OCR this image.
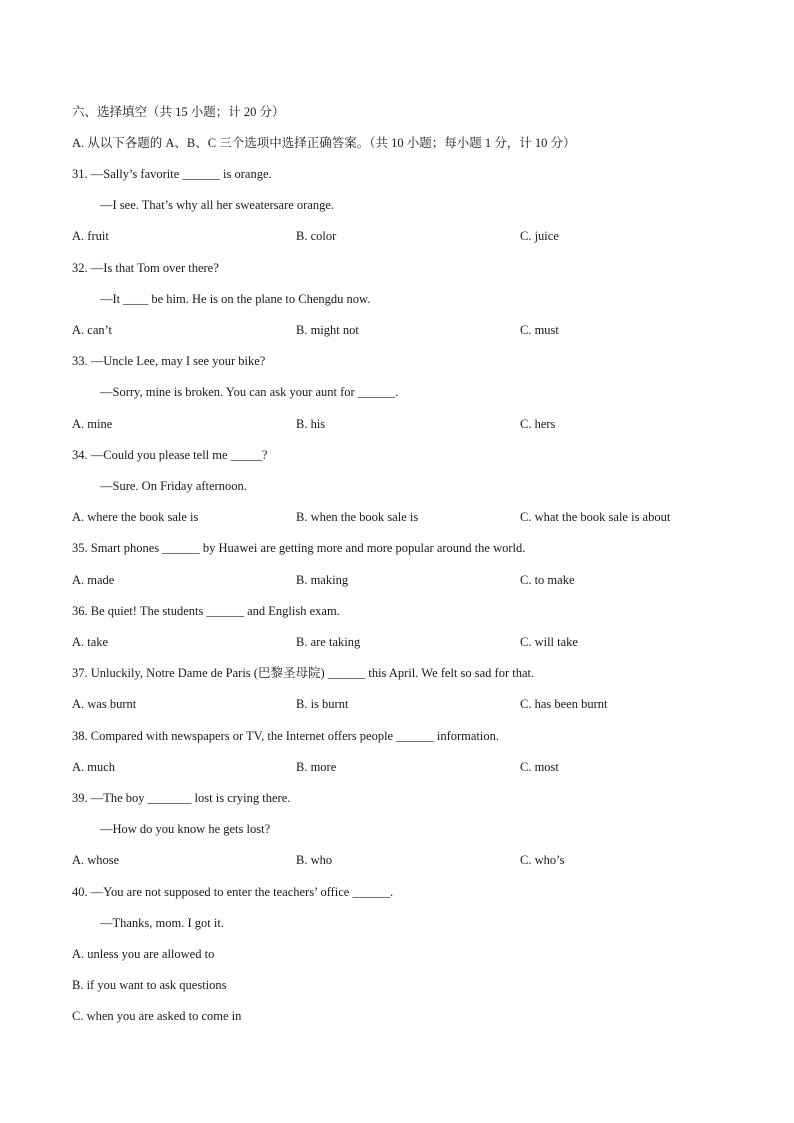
六、选择填空（共 15 小题；计 20 分）
A. 从以下各题的 A、B、C 三个选项中选择正确答案。（共 10 小题；每小题 1 分，计 10 分）
31. —Sally’s favorite ______ is orange.
—I see. That’s why all her sweatersare orange.
A. fruit	B. color	C. juice
32. —Is that Tom over there?
—It ____ be him. He is on the plane to Chengdu now.
A. can’t	B. might not	C. must
33. —Uncle Lee, may I see your bike?
—Sorry, mine is broken. You can ask your aunt for ______.
A. mine	B. his	C. hers
34. —Could you please tell me _____?
—Sure. On Friday afternoon.
A. where the book sale is	B. when the book sale is	C. what the book sale is about
35. Smart phones ______ by Huawei are getting more and more popular around the world.
A. made	B. making	C. to make
36. Be quiet! The students ______ and English exam.
A. take	B. are taking	C. will take
37. Unluckily, Notre Dame de Paris (巴黎圣母院) ______ this April. We felt so sad for that.
A. was burnt	B. is burnt	C. has been burnt
38. Compared with newspapers or TV, the Internet offers people ______ information.
A. much	B. more	C. most
39. —The boy _______ lost is crying there.
—How do you know he gets lost?
A. whose	B. who	C. who’s
40. —You are not supposed to enter the teachers’ office ______.
—Thanks, mom. I got it.
A. unless you are allowed to
B. if you want to ask questions
C. when you are asked to come in
